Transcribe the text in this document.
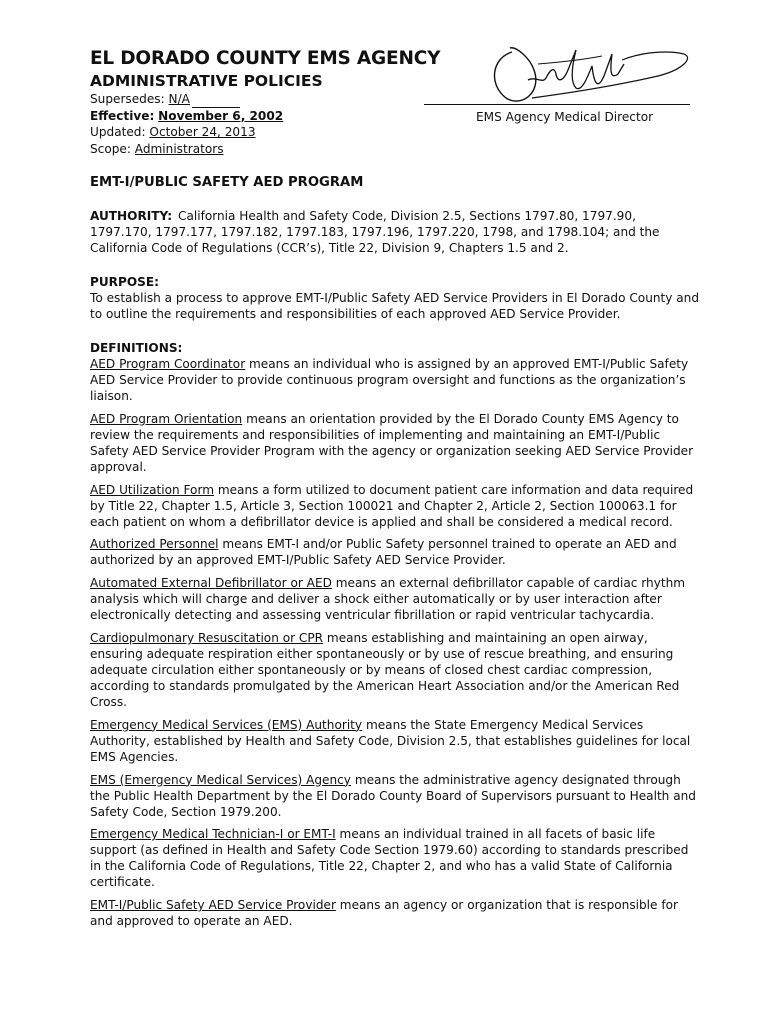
EL DORADO COUNTY EMS AGENCY
ADMINISTRATIVE POLICIES
Supersedes: N/A
Effective: November 6, 2002
Updated: October 24, 2013
Scope: Administrators
EMT-I/PUBLIC SAFETY AED PROGRAM

AUTHORITY: California Health and Safety Code, Division 2.5, Sections 1797.80, 1797.90, 1797.170, 1797.177, 1797.182, 1797.183, 1797.196, 1797.220, 1798, and 1798.104; and the California Code of Regulations (CCR’s), Title 22, Division 9, Chapters 1.5 and 2.

PURPOSE:

To establish a process to approve EMT-I/Public Safety AED Service Providers in El Dorado County and to outline the requirements and responsibilities of each approved AED Service Provider.

DEFINITIONS:

AED Program Coordinator means an individual who is assigned by an approved EMT-I/Public Safety AED Service Provider to provide continuous program oversight and functions as the organization’s liaison.

AED Program Orientation means an orientation provided by the El Dorado County EMS Agency to review the requirements and responsibilities of implementing and maintaining an EMT-I/Public Safety AED Service Provider Program with the agency or organization seeking AED Service Provider approval.

AED Utilization Form means a form utilized to document patient care information and data required by Title 22, Chapter 1.5, Article 3, Section 100021 and Chapter 2, Article 2, Section 100063.1 for each patient on whom a defibrillator device is applied and shall be considered a medical record.

Authorized Personnel means EMT-I and/or Public Safety personnel trained to operate an AED and authorized by an approved EMT-I/Public Safety AED Service Provider.

Automated External Defibrillator or AED means an external defibrillator capable of cardiac rhythm analysis which will charge and deliver a shock either automatically or by user interaction after electronically detecting and assessing ventricular fibrillation or rapid ventricular tachycardia.

Cardiopulmonary Resuscitation or CPR means establishing and maintaining an open airway, ensuring adequate respiration either spontaneously or by use of rescue breathing, and ensuring adequate circulation either spontaneously or by means of closed chest cardiac compression, according to standards promulgated by the American Heart Association and/or the American Red Cross.

Emergency Medical Services (EMS) Authority means the State Emergency Medical Services Authority, established by Health and Safety Code, Division 2.5, that establishes guidelines for local EMS Agencies.

EMS (Emergency Medical Services) Agency means the administrative agency designated through the Public Health Department by the El Dorado County Board of Supervisors pursuant to Health and Safety Code, Section 1979.200.

Emergency Medical Technician-I or EMT-I means an individual trained in all facets of basic life support (as defined in Health and Safety Code Section 1979.60) according to standards prescribed in the California Code of Regulations, Title 22, Chapter 2, and who has a valid State of California certificate.

EMT-I/Public Safety AED Service Provider means an agency or organization that is responsible for and approved to operate an AED.

EMS Agency Medical Director
